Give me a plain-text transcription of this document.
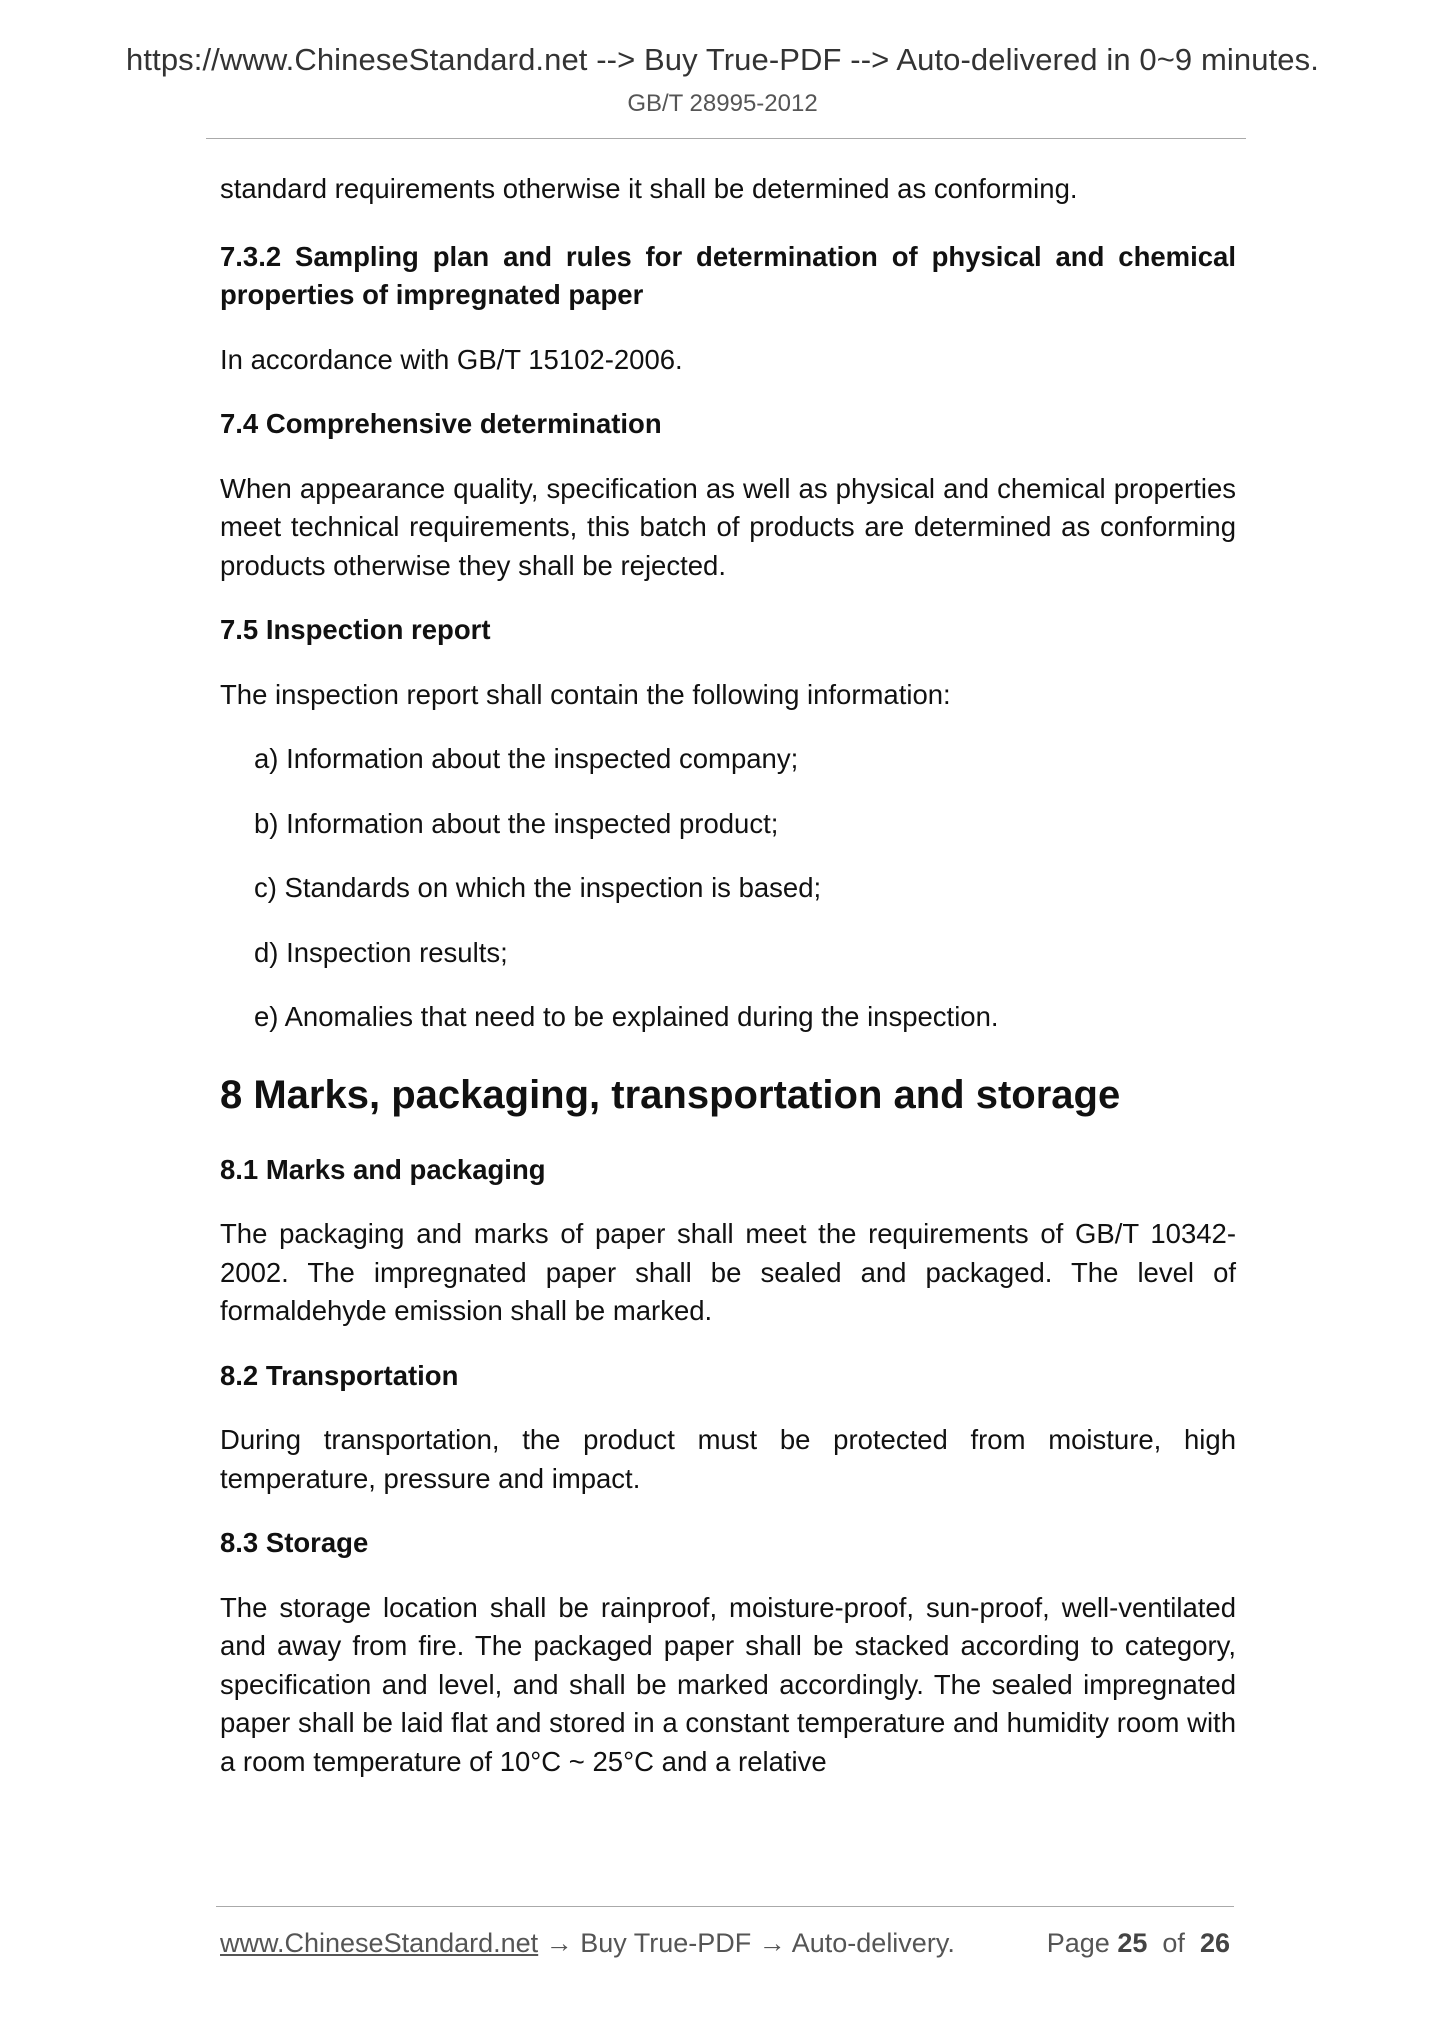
https://www.ChineseStandard.net --> Buy True-PDF --> Auto-delivered in 0~9 minutes.
GB/T 28995-2012

standard requirements otherwise it shall be determined as conforming.

7.3.2 Sampling plan and rules for determination of physical and chemical properties of impregnated paper

In accordance with GB/T 15102-2006.

7.4 Comprehensive determination

When appearance quality, specification as well as physical and chemical properties meet technical requirements, this batch of products are determined as conforming products otherwise they shall be rejected.

7.5 Inspection report

The inspection report shall contain the following information:

a) Information about the inspected company;

b) Information about the inspected product;

c) Standards on which the inspection is based;

d) Inspection results;

e) Anomalies that need to be explained during the inspection.

8 Marks, packaging, transportation and storage

8.1 Marks and packaging

The packaging and marks of paper shall meet the requirements of GB/T 10342-2002. The impregnated paper shall be sealed and packaged. The level of formaldehyde emission shall be marked.

8.2 Transportation

During transportation, the product must be protected from moisture, high temperature, pressure and impact.

8.3 Storage

The storage location shall be rainproof, moisture-proof, sun-proof, well-ventilated and away from fire. The packaged paper shall be stacked according to category, specification and level, and shall be marked accordingly. The sealed impregnated paper shall be laid flat and stored in a constant temperature and humidity room with a room temperature of 10°C ~ 25°C and a relative

www.ChineseStandard.net → Buy True-PDF → Auto-delivery.	Page 25 of 26
